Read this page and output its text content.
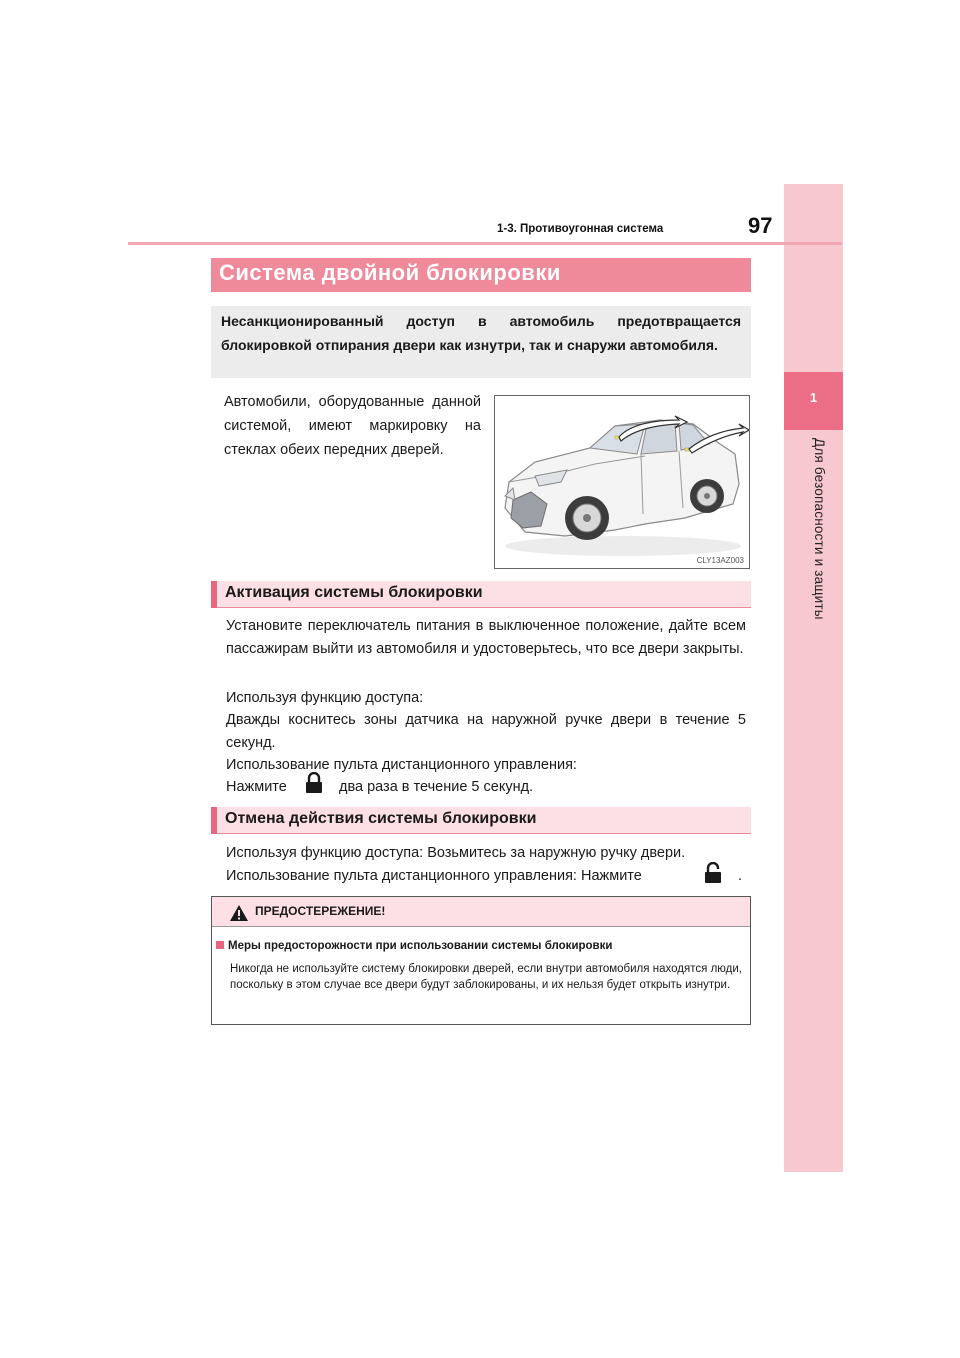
1
Для безопасности и защиты
1-3. Противоугонная система	97
Система двойной блокировки
Несанкционированный доступ в автомобиль предотвращается блокировкой отпирания двери как изнутри, так и снаружи автомобиля.
Автомобили, оборудованные данной системой, имеют маркировку на стеклах обеих передних дверей.
CLY13AZ003
Активация системы блокировки
Установите переключатель питания в выключенное положение, дайте всем пассажирам выйти из автомобиля и удостоверьтесь, что все двери закрыты.
Используя функцию доступа:
Дважды коснитесь зоны датчика на наружной ручке двери в течение 5 секунд.
Использование пульта дистанционного управления:
Нажмите	два раза в течение 5 секунд.
Отмена действия системы блокировки
Используя функцию доступа: Возьмитесь за наружную ручку двери.
Использование пульта дистанционного управления: Нажмите	.
ПРЕДОСТЕРЕЖЕНИЕ!
Меры предосторожности при использовании системы блокировки
Никогда не используйте систему блокировки дверей, если внутри автомобиля находятся люди, поскольку в этом случае все двери будут заблокированы, и их нельзя будет открыть изнутри.
